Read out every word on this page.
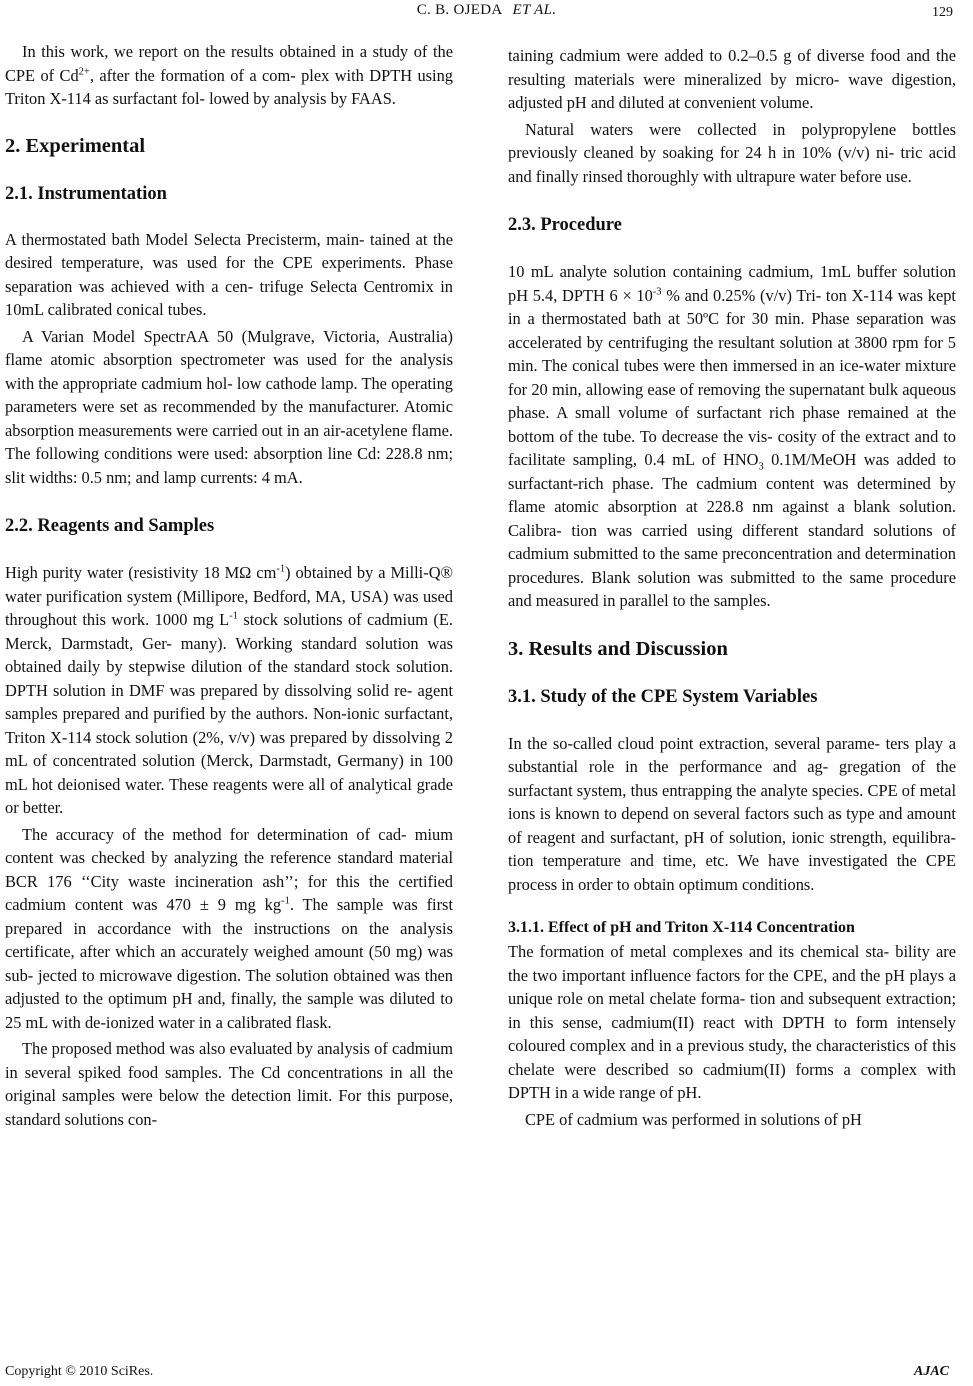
C. B. OJEDA ET AL.	129

In this work, we report on the results obtained in a study of the CPE of $Cd^{2+}$, after the formation of a com- plex with DPTH using Triton X-114 as surfactant fol- lowed by analysis by FAAS.

2. Experimental
2.1. Instrumentation

A thermostated bath Model Selecta Precisterm, main- tained at the desired temperature, was used for the CPE experiments. Phase separation was achieved with a cen- trifuge Selecta Centromix in 10mL calibrated conical tubes.

A Varian Model SpectrAA 50 (Mulgrave, Victoria, Australia) flame atomic absorption spectrometer was used for the analysis with the appropriate cadmium hol- low cathode lamp. The operating parameters were set as recommended by the manufacturer. Atomic absorption measurements were carried out in an air-acetylene flame. The following conditions were used: absorption line Cd: 228.8 nm; slit widths: 0.5 nm; and lamp currents: 4 mA.

2.2. Reagents and Samples

High purity water (resistivity 18 MΩ $cm^{-1}$) obtained by a Milli-Q® water purification system (Millipore, Bedford, MA, USA) was used throughout this work. 1000 mg $L^{-1}$ stock solutions of cadmium (E. Merck, Darmstadt, Ger- many). Working standard solution was obtained daily by stepwise dilution of the standard stock solution. DPTH solution in DMF was prepared by dissolving solid re- agent samples prepared and purified by the authors. Non-ionic surfactant, Triton X-114 stock solution (2%, v/v) was prepared by dissolving 2 mL of concentrated solution (Merck, Darmstadt, Germany) in 100 mL hot deionised water. These reagents were all of analytical grade or better.

The accuracy of the method for determination of cad- mium content was checked by analyzing the reference standard material BCR 176 ‘‘City waste incineration ash’’; for this the certified cadmium content was 470 ± 9 mg $kg^{-1}$. The sample was first prepared in accordance with the instructions on the analysis certificate, after which an accurately weighed amount (50 mg) was sub- jected to microwave digestion. The solution obtained was then adjusted to the optimum pH and, finally, the sample was diluted to 25 mL with de-ionized water in a calibrated flask.

The proposed method was also evaluated by analysis of cadmium in several spiked food samples. The Cd concentrations in all the original samples were below the detection limit. For this purpose, standard solutions con-

taining cadmium were added to 0.2–0.5 g of diverse food and the resulting materials were mineralized by micro- wave digestion, adjusted pH and diluted at convenient volume.

Natural waters were collected in polypropylene bottles previously cleaned by soaking for 24 h in 10% (v/v) ni- tric acid and finally rinsed thoroughly with ultrapure water before use.

2.3. Procedure

10 mL analyte solution containing cadmium, 1mL buffer solution pH 5.4, DPTH $6 \times 10^{-3}$ % and 0.25% (v/v) Tri- ton X-114 was kept in a thermostated bath at 50ºC for 30 min. Phase separation was accelerated by centrifuging the resultant solution at 3800 rpm for 5 min. The conical tubes were then immersed in an ice-water mixture for 20 min, allowing ease of removing the supernatant bulk aqueous phase. A small volume of surfactant rich phase remained at the bottom of the tube. To decrease the vis- cosity of the extract and to facilitate sampling, 0.4 mL of $HNO_3$ 0.1M/MeOH was added to surfactant-rich phase. The cadmium content was determined by flame atomic absorption at 228.8 nm against a blank solution. Calibra- tion was carried using different standard solutions of cadmium submitted to the same preconcentration and determination procedures. Blank solution was submitted to the same procedure and measured in parallel to the samples.

3. Results and Discussion
3.1. Study of the CPE System Variables

In the so-called cloud point extraction, several parame- ters play a substantial role in the performance and ag- gregation of the surfactant system, thus entrapping the analyte species. CPE of metal ions is known to depend on several factors such as type and amount of reagent and surfactant, pH of solution, ionic strength, equilibra- tion temperature and time, etc. We have investigated the CPE process in order to obtain optimum conditions.

3.1.1. Effect of pH and Triton X-114 Concentration

The formation of metal complexes and its chemical sta- bility are the two important influence factors for the CPE, and the pH plays a unique role on metal chelate forma- tion and subsequent extraction; in this sense, cadmium(II) react with DPTH to form intensely coloured complex and in a previous study, the characteristics of this chelate were described so cadmium(II) forms a complex with DPTH in a wide range of pH.

CPE of cadmium was performed in solutions of pH

Copyright © 2010 SciRes.	AJAC
